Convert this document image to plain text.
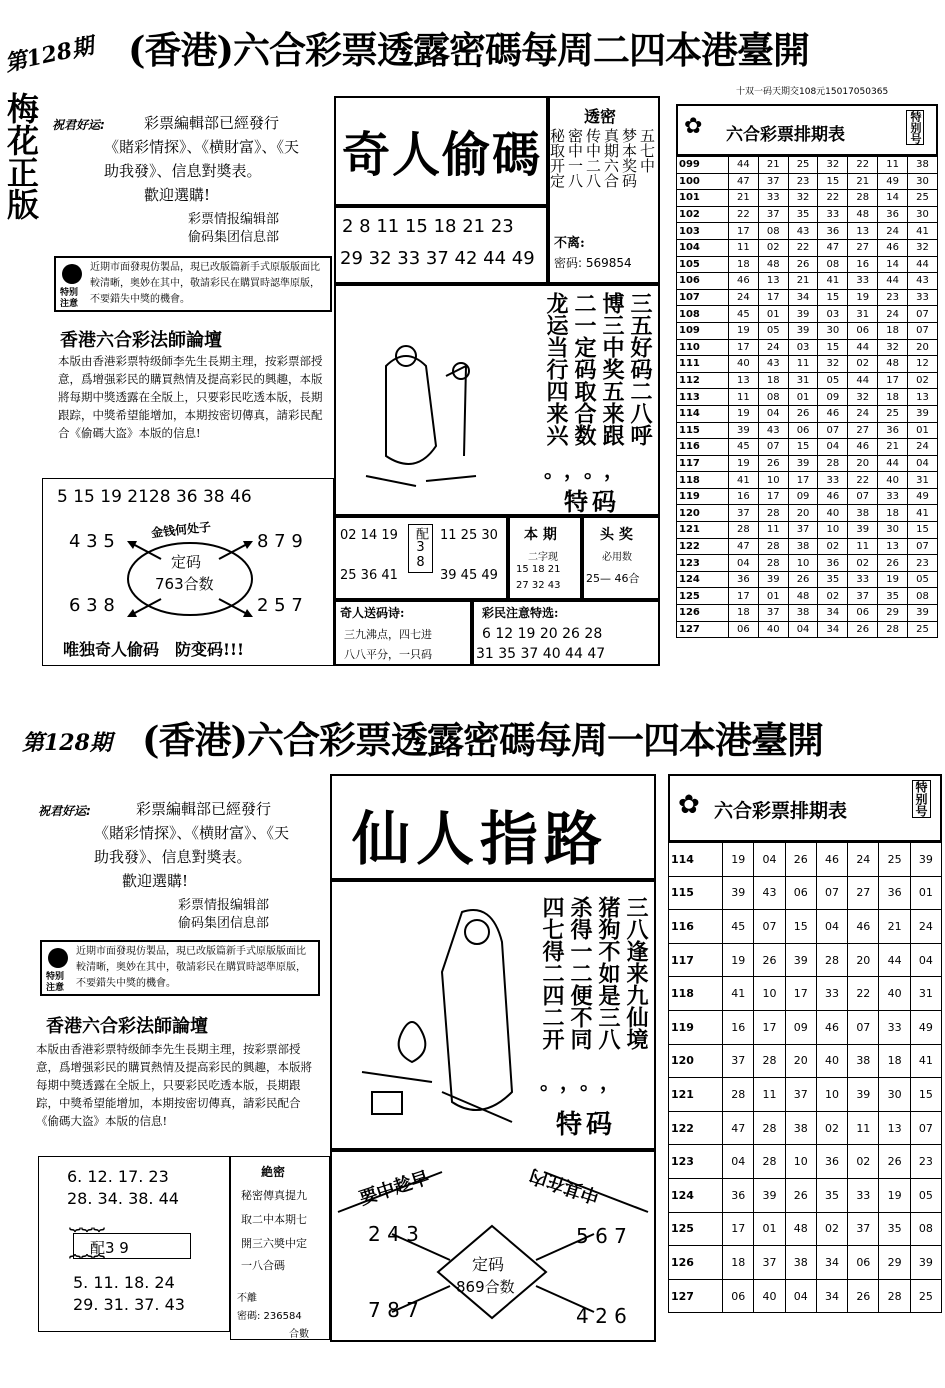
第128期 (香港)六合彩票透露密碼每周二四本港臺開
十双一码天期交108元15017050365
梅花正版 祝君好运:	彩票編輯部已經發行
《賭彩情探》、《横財富》、《天
助我發》、信息對奬表。
歡迎選購!
彩票情报编辑部
偷码集团信息部
特别注意
近期市面發現仿製品，現已改版篇新手式原版版面比較清晰，奥妙在其中，敬請彩民在購買時認準原版，不要錯失中獎的機會。
香港六合彩法師論壇
本版由香港彩票特级師李先生長期主理，按彩票部授意，爲增强彩民的購買熱情及提高彩民的興趣，本版將每期中獎透露在全版上，只要彩民吃透本版，長期跟踪，中獎希望能增加，本期按密切傳真，請彩民配合《偷碼大盗》本版的信息!
5 15 19 2128 36 38 46
金钱何处子
定码
763合数
4 3 5	8 7 9
6 3 8	2 5 7
唯独奇人偷码　防变码!!!
奇人偷碼
2 8 11 15 18 21 23
29 32 33 37 42 44 49
透密
五七中
梦本奖码
真期六合
传中二八
密中一八
秘取开定
不离:
密码: 569854
三五好码二八呼
博三中奖五来跟
二一定码取合数
龙运当行四来兴
。，。，
特码
02 14 19
25 36 41
配38 11 25 30
39 45 49
本 期
二字现
15 18 21
27 32 43
头 奖
必用数
25— 46合
奇人送码诗:
三九沸点，四七进
八八平分，一只码
彩民注意特选:
6 12 19 20 26 28
31 35 37 40 44 47
✿ 六合彩票排期表	特别号
099	44	21	25	32	22	11	38
100	47	37	23	15	21	49	30
101	21	33	32	22	28	14	25
102	22	37	35	33	48	36	30
103	17	08	43	36	13	24	41
104	11	02	22	47	27	46	32
105	18	48	26	08	16	14	44
106	46	13	21	41	33	44	43
107	24	17	34	15	19	23	33
108	45	01	39	03	31	24	07
109	19	05	39	30	06	18	07
110	17	24	03	15	44	32	20
111	40	43	11	32	02	48	12
112	13	18	31	05	44	17	02
113	11	08	01	09	32	18	13
114	19	04	26	46	24	25	39
115	39	43	06	07	27	36	01
116	45	07	15	04	46	21	24
117	19	26	39	28	20	44	04
118	41	10	17	33	22	40	31
119	16	17	09	46	07	33	49
120	37	28	20	40	38	18	41
121	28	11	37	10	39	30	15
122	47	28	38	02	11	13	07
123	04	28	10	36	02	26	23
124	36	39	26	35	33	19	05
125	17	01	48	02	37	35	08
126	18	37	38	34	06	29	39
127	06	40	04	34	26	28	25
第128期 (香港)六合彩票透露密碼每周一四本港臺開
祝君好运:	彩票編輯部已經發行
《賭彩情探》、《横財富》、《天
助我發》、信息對奬表。
歡迎選購!
彩票情报编辑部
偷码集团信息部
特别注意
近期市面發現仿製品，現已改版篇新手式原版版面比較清晰，奥妙在其中，敬請彩民在購買時認準原版，不要錯失中獎的機會。
香港六合彩法師論壇
本版由香港彩票特级師李先生長期主理，按彩票部授意，爲增强彩民的購買熱情及提高彩民的興趣，本版將每期中獎透露在全版上，只要彩民吃透本版，長期跟踪，中獎希望能增加，本期按密切傳真，請彩民配合《偷碼大盗》本版的信息!
6. 12. 17. 23
28. 34. 38. 44
⏟⏟⏟
配3 9
⏞⏞⏞
5. 11. 18. 24
29. 31. 37. 43
絶密
秘密傳真提九
取二中本期七
開三六奬中定
一八合碼
不離
密碼: 236584
合數
仙人指路
三八逢来九仙境
猪狗不如是三八
杀得一二便不同
四七得二四二开
。，。，
特码
要中趁早	中其在内
定码
869合数
2 4 3	5 6 7
7 8 7	4 2 6
✿ 六合彩票排期表	特别号
114	19	04	26	46	24	25	39
115	39	43	06	07	27	36	01
116	45	07	15	04	46	21	24
117	19	26	39	28	20	44	04
118	41	10	17	33	22	40	31
119	16	17	09	46	07	33	49
120	37	28	20	40	38	18	41
121	28	11	37	10	39	30	15
122	47	28	38	02	11	13	07
123	04	28	10	36	02	26	23
124	36	39	26	35	33	19	05
125	17	01	48	02	37	35	08
126	18	37	38	34	06	29	39
127	06	40	04	34	26	28	25
